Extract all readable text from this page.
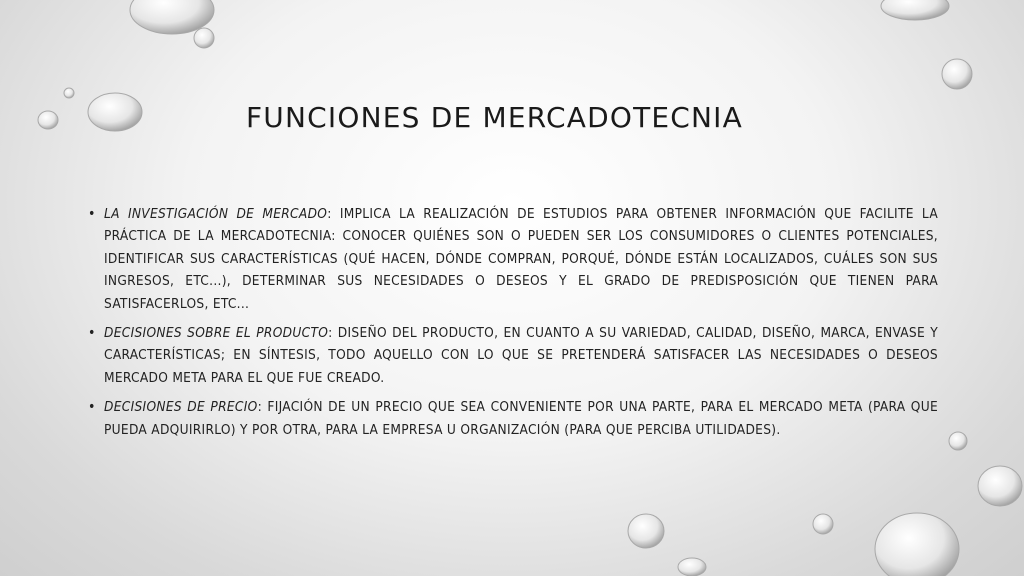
FUNCIONES DE MERCADOTECNIA
• LA INVESTIGACIÓN DE MERCADO: IMPLICA LA REALIZACIÓN DE ESTUDIOS PARA OBTENER INFORMACIÓN QUE FACILITE LA PRÁCTICA DE LA MERCADOTECNIA: CONOCER QUIÉNES SON O PUEDEN SER LOS CONSUMIDORES O CLIENTES POTENCIALES, IDENTIFICAR SUS CARACTERÍSTICAS (QUÉ HACEN, DÓNDE COMPRAN, PORQUÉ, DÓNDE ESTÁN LOCALIZADOS, CUÁLES SON SUS INGRESOS, ETC...), DETERMINAR SUS NECESIDADES O DESEOS Y EL GRADO DE PREDISPOSICIÓN QUE TIENEN PARA SATISFACERLOS, ETC...
• DECISIONES SOBRE EL PRODUCTO: DISEÑO DEL PRODUCTO, EN CUANTO A SU VARIEDAD, CALIDAD, DISEÑO, MARCA, ENVASE Y CARACTERÍSTICAS; EN SÍNTESIS, TODO AQUELLO CON LO QUE SE PRETENDERÁ SATISFACER LAS NECESIDADES O DESEOS MERCADO META PARA EL QUE FUE CREADO.
• DECISIONES DE PRECIO: FIJACIÓN DE UN PRECIO QUE SEA CONVENIENTE POR UNA PARTE, PARA EL MERCADO META (PARA QUE PUEDA ADQUIRIRLO) Y POR OTRA, PARA LA EMPRESA U ORGANIZACIÓN (PARA QUE PERCIBA UTILIDADES).
